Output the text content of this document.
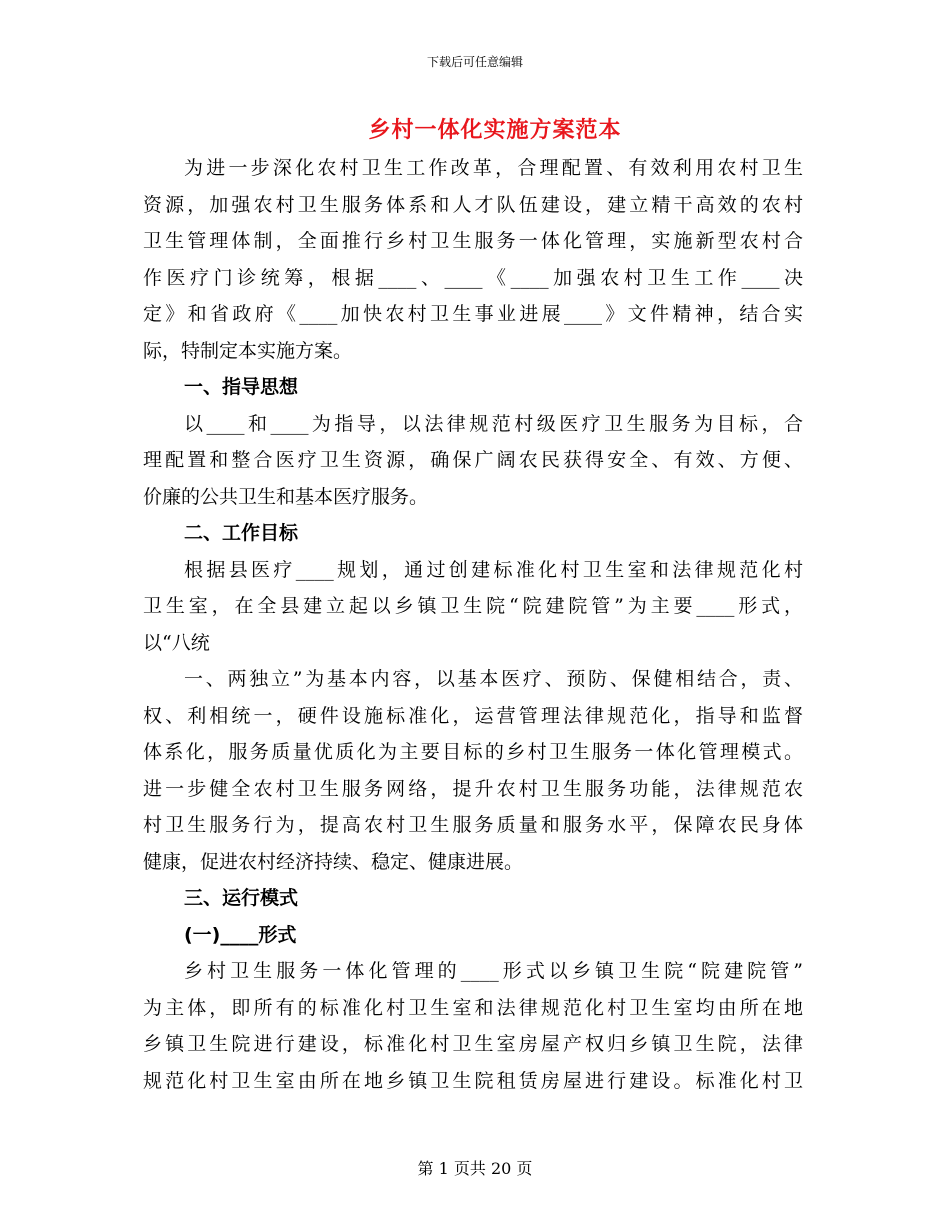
下载后可任意编辑
乡村一体化实施方案范本
为进一步深化农村卫生工作改革，合理配置、有效利用农村卫生
资源，加强农村卫生服务体系和人才队伍建设，建立精干高效的农村
卫生管理体制，全面推行乡村卫生服务一体化管理，实施新型农村合
作医疗门诊统筹，根据____、____《____加强农村卫生工作____决
定》和省政府《____加快农村卫生事业进展____》文件精神，结合实
际，特制定本实施方案。
一、指导思想
以____和____为指导，以法律规范村级医疗卫生服务为目标，合
理配置和整合医疗卫生资源，确保广阔农民获得安全、有效、方便、
价廉的公共卫生和基本医疗服务。
二、工作目标
根据县医疗____规划，通过创建标准化村卫生室和法律规范化村
卫生室，在全县建立起以乡镇卫生院“院建院管”为主要____形式，
以“八统
一、两独立”为基本内容，以基本医疗、预防、保健相结合，责、
权、利相统一，硬件设施标准化，运营管理法律规范化，指导和监督
体系化，服务质量优质化为主要目标的乡村卫生服务一体化管理模式。
进一步健全农村卫生服务网络，提升农村卫生服务功能，法律规范农
村卫生服务行为，提高农村卫生服务质量和服务水平，保障农民身体
健康，促进农村经济持续、稳定、健康进展。
三、运行模式
(一)____形式
乡村卫生服务一体化管理的____形式以乡镇卫生院“院建院管”
为主体，即所有的标准化村卫生室和法律规范化村卫生室均由所在地
乡镇卫生院进行建设，标准化村卫生室房屋产权归乡镇卫生院，法律
规范化村卫生室由所在地乡镇卫生院租赁房屋进行建设。标准化村卫
第 1 页共 20 页
